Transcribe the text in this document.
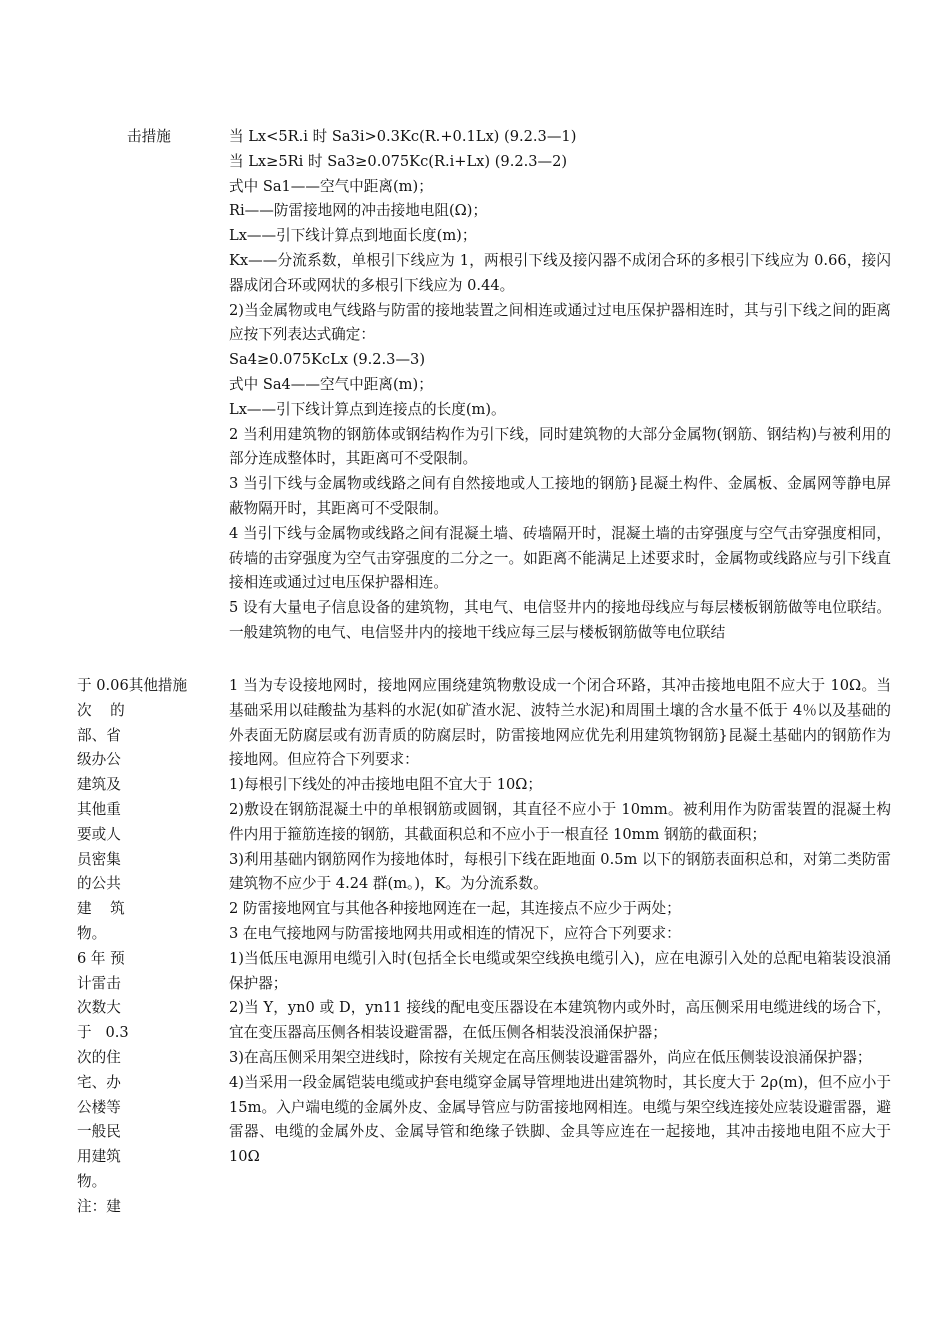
击措施	当 Lx<5R.i 时 Sa3i>0.3Kc(R.+0.1Lx) (9.2.3—1)
当 Lx≥5Ri 时 Sa3≥0.075Kc(R.i+Lx) (9.2.3—2)
式中 Sa1——空气中距离(m)；
Ri——防雷接地网的冲击接地电阻(Ω)；
Lx——引下线计算点到地面长度(m)；
Kx——分流系数，单根引下线应为 1，两根引下线及接闪器不成闭合环的多根引下线应为 0.66，接闪器成闭合环或网状的多根引下线应为 0.44。
2)当金属物或电气线路与防雷的接地装置之间相连或通过过电压保护器相连时，其与引下线之间的距离应按下列表达式确定：
Sa4≥0.075KcLx (9.2.3—3)
式中 Sa4——空气中距离(m)；
Lx——引下线计算点到连接点的长度(m)。
2 当利用建筑物的钢筋体或钢结构作为引下线，同时建筑物的大部分金属物(钢筋、钢结构)与被利用的部分连成整体时，其距离可不受限制。
3 当引下线与金属物或线路之间有自然接地或人工接地的钢筋}昆凝土构件、金属板、金属网等静电屏蔽物隔开时，其距离可不受限制。
4 当引下线与金属物或线路之间有混凝土墙、砖墙隔开时，混凝土墙的击穿强度与空气击穿强度相同，砖墙的击穿强度为空气击穿强度的二分之一。如距离不能满足上述要求时，金属物或线路应与引下线直接相连或通过过电压保护器相连。
5 设有大量电子信息设备的建筑物，其电气、电信竖井内的接地母线应与每层楼板钢筋做等电位联结。一般建筑物的电气、电信竖井内的接地干线应每三层与楼板钢筋做等电位联结
于 0.06其他措施
次    的
部、省
级办公
建筑及
其他重
要或人
员密集
的公共
建    筑
物。
6 年 预
计雷击
次数大
于   0.3
次的住
宅、办
公楼等
一般民
用建筑
物。
注：建
1 当为专设接地网时，接地网应围绕建筑物敷设成一个闭合环路，其冲击接地电阻不应大于 10Ω。当基础采用以硅酸盐为基料的水泥(如矿渣水泥、波特兰水泥)和周围土壤的含水量不低于 4％以及基础的外表面无防腐层或有沥青质的防腐层时，防雷接地网应优先利用建筑物钢筋}昆凝土基础内的钢筋作为接地网。但应符合下列要求：
1)每根引下线处的冲击接地电阻不宜大于 10Ω；
2)敷设在钢筋混凝土中的单根钢筋或圆钢，其直径不应小于 10mm。被利用作为防雷装置的混凝土构件内用于箍筋连接的钢筋，其截面积总和不应小于一根直径 10mm 钢筋的截面积；
3)利用基础内钢筋网作为接地体时，每根引下线在距地面 0.5m 以下的钢筋表面积总和，对第二类防雷建筑物不应少于 4.24 群(m。)，K。为分流系数。
2 防雷接地网宜与其他各种接地网连在一起，其连接点不应少于两处；
3 在电气接地网与防雷接地网共用或相连的情况下，应符合下列要求：
1)当低压电源用电缆引入时(包括全长电缆或架空线换电缆引入)，应在电源引入处的总配电箱装设浪涌保护器；
2)当 Y，yn0 或 D，yn11 接线的配电变压器设在本建筑物内或外时，高压侧采用电缆进线的场合下，宜在变压器高压侧各相装设避雷器，在低压侧各相装没浪涌保护器；
3)在高压侧采用架空进线时，除按有关规定在高压侧装设避雷器外，尚应在低压侧装设浪涌保护器；
4)当采用一段金属铠装电缆或护套电缆穿金属导管埋地进出建筑物时，其长度大于 2ρ(m)，但不应小于 15m。入户端电缆的金属外皮、金属导管应与防雷接地网相连。电缆与架空线连接处应装设避雷器，避雷器、电缆的金属外皮、金属导管和绝缘子铁脚、金具等应连在一起接地，其冲击接地电阻不应大于 10Ω
